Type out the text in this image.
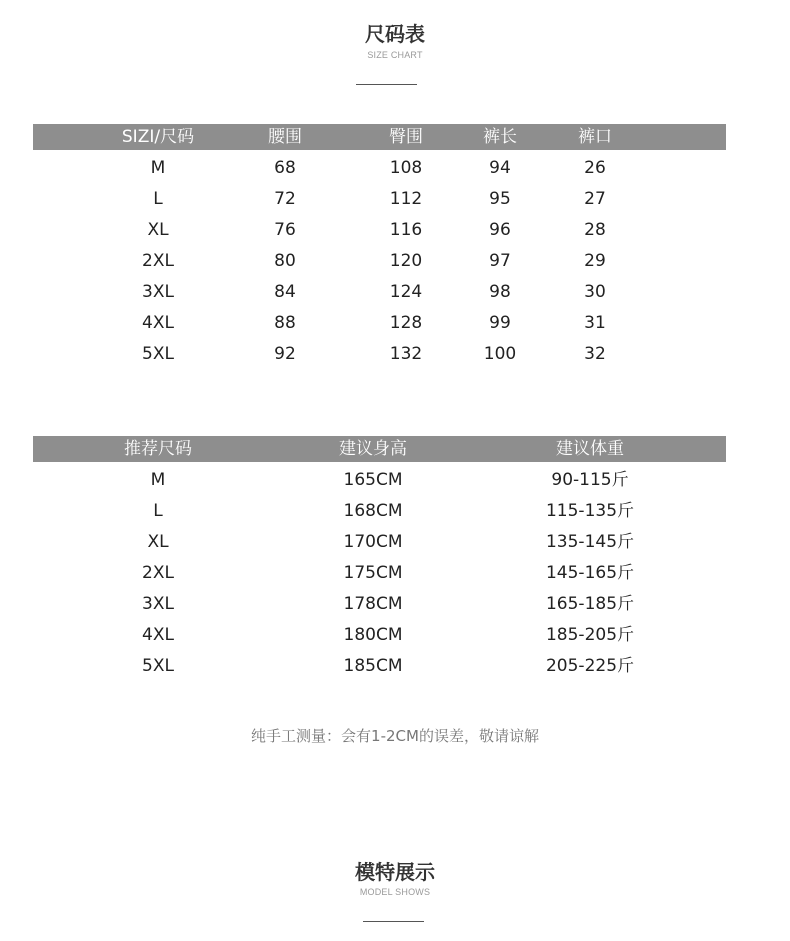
尺码表
SIZE CHART
SIZI/尺码	腰围	臀围	裤长	裤口
M	68	108	94	26
L	72	112	95	27
XL	76	116	96	28
2XL	80	120	97	29
3XL	84	124	98	30
4XL	88	128	99	31
5XL	92	132	100	32
推荐尺码	建议身高	建议体重
M	165CM	90-115斤
L	168CM	115-135斤
XL	170CM	135-145斤
2XL	175CM	145-165斤
3XL	178CM	165-185斤
4XL	180CM	185-205斤
5XL	185CM	205-225斤
纯手工测量：会有1-2CM的误差，敬请谅解
模特展示
MODEL SHOWS
